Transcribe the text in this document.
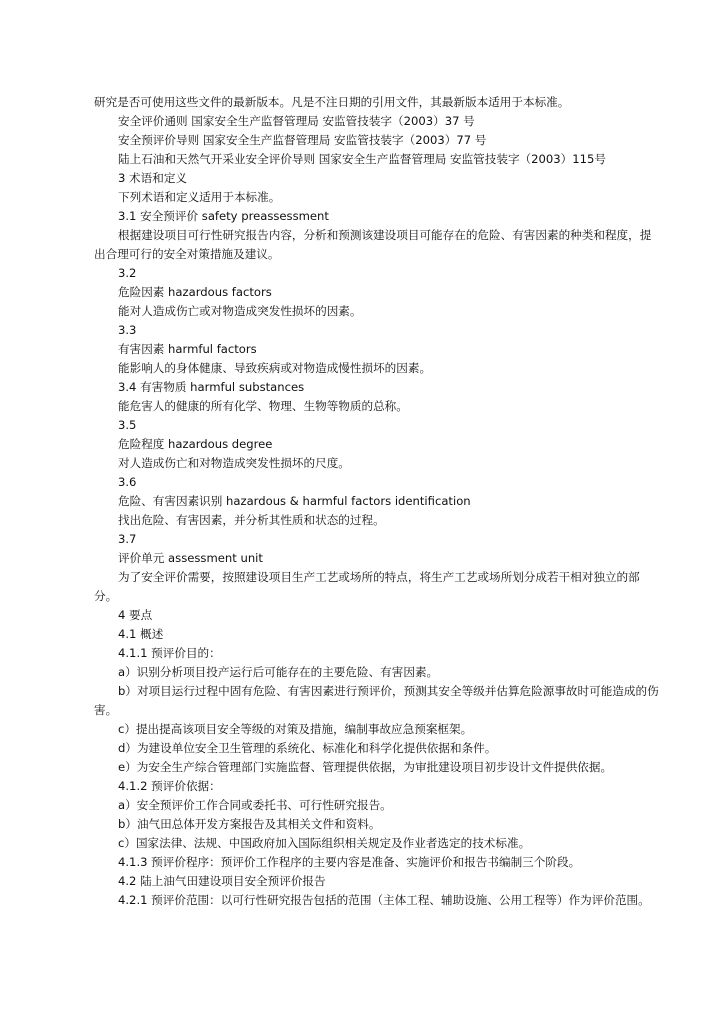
研究是否可使用这些文件的最新版本。凡是不注日期的引用文件，其最新版本适用于本标准。

安全评价通则 国家安全生产监督管理局 安监管技装字（2003）37 号

安全预评价导则 国家安全生产监督管理局 安监管技装字（2003）77 号

陆上石油和天然气开采业安全评价导则 国家安全生产监督管理局 安监管技装字（2003）115号

3 术语和定义

下列术语和定义适用于本标准。

3.1 安全预评价 safety preassessment

根据建设项目可行性研究报告内容，分析和预测该建设项目可能存在的危险、有害因素的种类和程度，提出合理可行的安全对策措施及建议。

3.2

危险因素 hazardous factors

能对人造成伤亡或对物造成突发性损坏的因素。

3.3

有害因素 harmful factors

能影响人的身体健康、导致疾病或对物造成慢性损坏的因素。

3.4 有害物质 harmful substances

能危害人的健康的所有化学、物理、生物等物质的总称。

3.5

危险程度 hazardous degree

对人造成伤亡和对物造成突发性损坏的尺度。

3.6

危险、有害因素识别 hazardous & harmful factors identification

找出危险、有害因素，并分析其性质和状态的过程。

3.7

评价单元 assessment unit

为了安全评价需要，按照建设项目生产工艺或场所的特点，将生产工艺或场所划分成若干相对独立的部分。

4 要点

4.1 概述

4.1.1 预评价目的：

a）识别分析项目投产运行后可能存在的主要危险、有害因素。

b）对项目运行过程中固有危险、有害因素进行预评价，预测其安全等级并估算危险源事故时可能造成的伤害。

c）提出提高该项目安全等级的对策及措施，编制事故应急预案框架。

d）为建设单位安全卫生管理的系统化、标准化和科学化提供依据和条件。

e）为安全生产综合管理部门实施监督、管理提供依据，为审批建设项目初步设计文件提供依据。

4.1.2 预评价依据：

a）安全预评价工作合同或委托书、可行性研究报告。

b）油气田总体开发方案报告及其相关文件和资料。

c）国家法律、法规、中国政府加入国际组织相关规定及作业者选定的技术标准。

4.1.3 预评价程序：预评价工作程序的主要内容是准备、实施评价和报告书编制三个阶段。

4.2 陆上油气田建设项目安全预评价报告

4.2.1 预评价范围：以可行性研究报告包括的范围（主体工程、辅助设施、公用工程等）作为评价范围。
